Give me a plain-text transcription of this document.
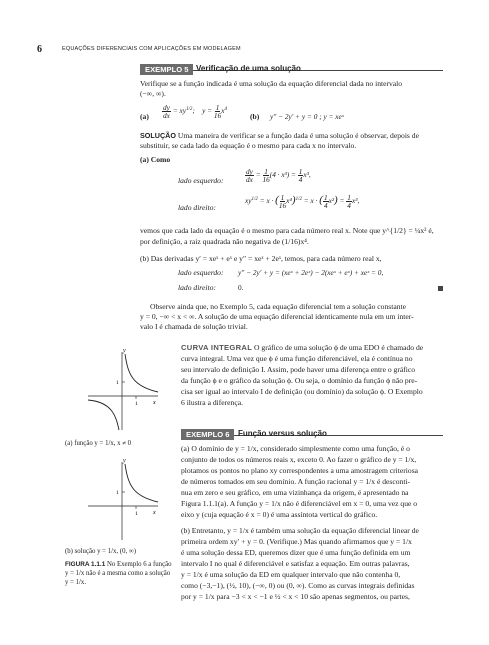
6	EQUAÇÕES DIFERENCIAIS COM APLICAÇÕES EM MODELAGEM
EXEMPLO 5 Verificação de uma solução
Verifique se a função indicada é uma solução da equação diferencial dada no intervalo
(−∞, ∞).
$(a) \frac{dy}{dx} = xy^{1/2}$;    $y = \frac{1}{16} x^4$
(b) y″ − 2y′ + y = 0 ; y = xeˣ
SOLUÇÃO Uma maneira de verificar se a função dada é uma solução é observar, depois de
substituir, se cada lado da equação é o mesmo para cada x no intervalo.
(a) Como
lado esquerdo:	$\frac{dy}{dx} = \frac{1}{16} (4 \cdot x^3) = \frac{1}{4} x^3$,
lado direito:
$xy^{1/2} = x$ · ( $\frac{1}{16} x^4)^{1/2} = x$ · ( $\frac{1}{4} x^2) = \frac{1}{4} x^3$,
vemos que cada lado da equação é o mesmo para cada número real x. Note que y^{1/2} = ¼x² é,
por definição, a raiz quadrada não negativa de (1/16)x⁴.
(b) Das derivadas y′ = xeˣ + eˣ e y″ = xeˣ + 2eˣ, temos, para cada número real x,
lado esquerdo: y″ − 2y′ + y = (xeˣ + 2eˣ) − 2(xeˣ + eˣ) + xeˣ = 0,
lado direito:	0.
Observe ainda que, no Exemplo 5, cada equação diferencial tem a solução constante
y = 0, −∞ < x < ∞. A solução de uma equação diferencial identicamente nula em um inter-
valo I é chamada de solução trivial.
CURVA INTEGRAL O gráfico de uma solução ϕ de uma EDO é chamado de
curva integral. Uma vez que ϕ é uma função diferenciável, ela é contínua no
seu intervalo de definição I. Assim, pode haver uma diferença entre o gráfico
da função ϕ e o gráfico da solução ϕ. Ou seja, o domínio da função ϕ não pre-
cisa ser igual ao intervalo I de definição (ou domínio) da solução ϕ. O Exemplo
6 ilustra a diferença.
y
x
1
1
(a) função y = 1/x, x ≠ 0
y
x
1
1
(b) solução y = 1/x, (0, ∞)
FIGURA 1.1.1 No Exemplo 6 a função
y = 1/x não é a mesma como a solução
y = 1/x.
EXEMPLO 6	Função versus solução
(a) O domínio de y = 1/x, considerado simplesmente como uma função, é o
conjunto de todos os números reais x, exceto 0. Ao fazer o gráfico de y = 1/x,
plotamos os pontos no plano xy correspondentes a uma amostragem criteriosa
de números tomados em seu domínio. A função racional y = 1/x é desconti-
nua em zero e seu gráfico, em uma vizinhança da origem, é apresentado na
Figura 1.1.1(a). A função y = 1/x não é diferenciável em x = 0, uma vez que o
eixo y (cuja equação é x = 0) é uma assíntota vertical do gráfico.
(b) Entretanto, y = 1/x é também uma solução da equação diferencial linear de
primeira ordem xy′ + y = 0. (Verifique.) Mas quando afirmamos que y = 1/x
é uma solução dessa ED, queremos dizer que é uma função definida em um
intervalo I no qual é diferenciável e satisfaz a equação. Em outras palavras,
y = 1/x é uma solução da ED em qualquer intervalo que não contenha 0,
como (−3,−1), (½, 10), (−∞, 0) ou (0, ∞). Como as curvas integrais definidas
por y = 1/x para −3 < x < −1 e ½ < x < 10 são apenas segmentos, ou partes,
